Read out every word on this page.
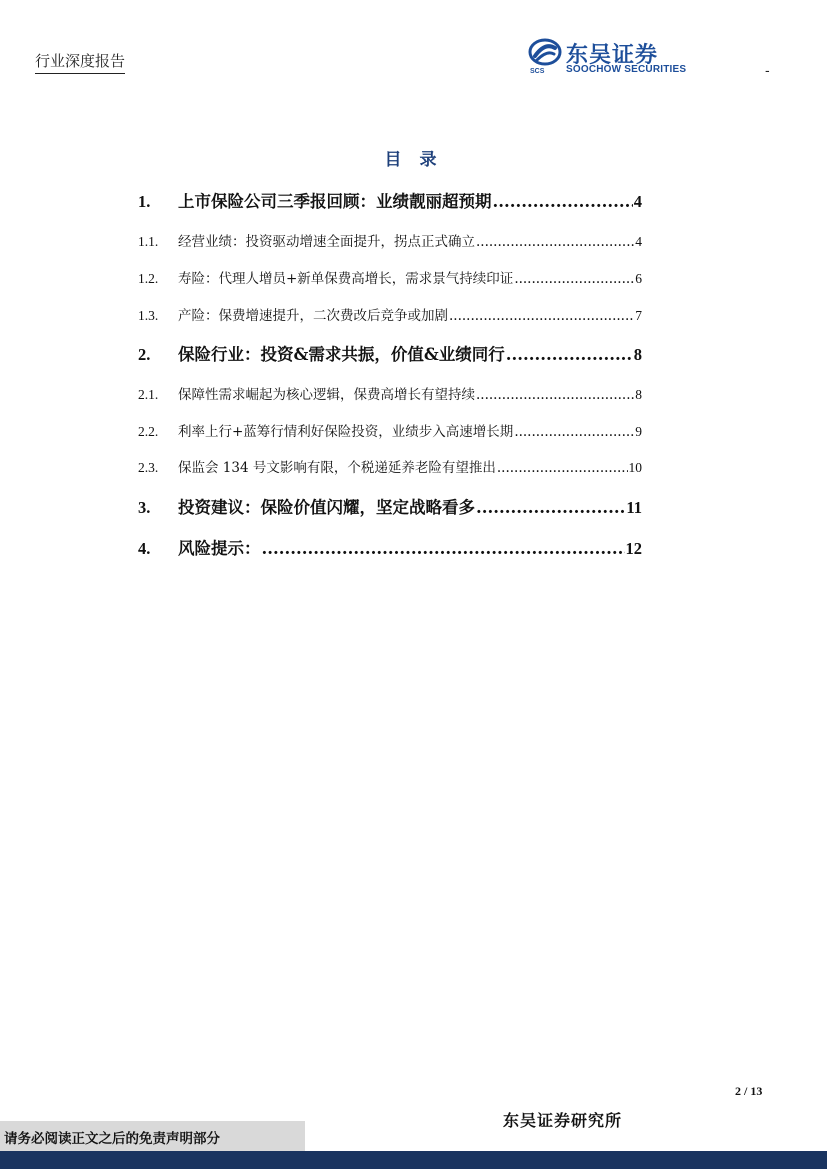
行业深度报告
SCS
东吴证券
SOOCHOW SECURITIES	-
目 录
1.	上市保险公司三季报回顾：业绩靓丽超预期 .....	4
1.1.	经营业绩：投资驱动增速全面提升，拐点正式确立 .....	4
1.2.	寿险：代理人增员+新单保费高增长，需求景气持续印证 .....	6
1.3.	产险：保费增速提升，二次费改后竞争或加剧 .....	7
2.	保险行业：投资&需求共振，价值&业绩同行 .....	8
2.1.	保障性需求崛起为核心逻辑，保费高增长有望持续 .....	8
2.2.	利率上行+蓝筹行情利好保险投资，业绩步入高速增长期 .....	9
2.3.	保监会 134 号文影响有限，个税递延养老险有望推出 .....	10
3.	投资建议：保险价值闪耀，坚定战略看多 .....	11
4.	风险提示： .....	12
2 / 13
东吴证券研究所
请务必阅读正文之后的免责声明部分
